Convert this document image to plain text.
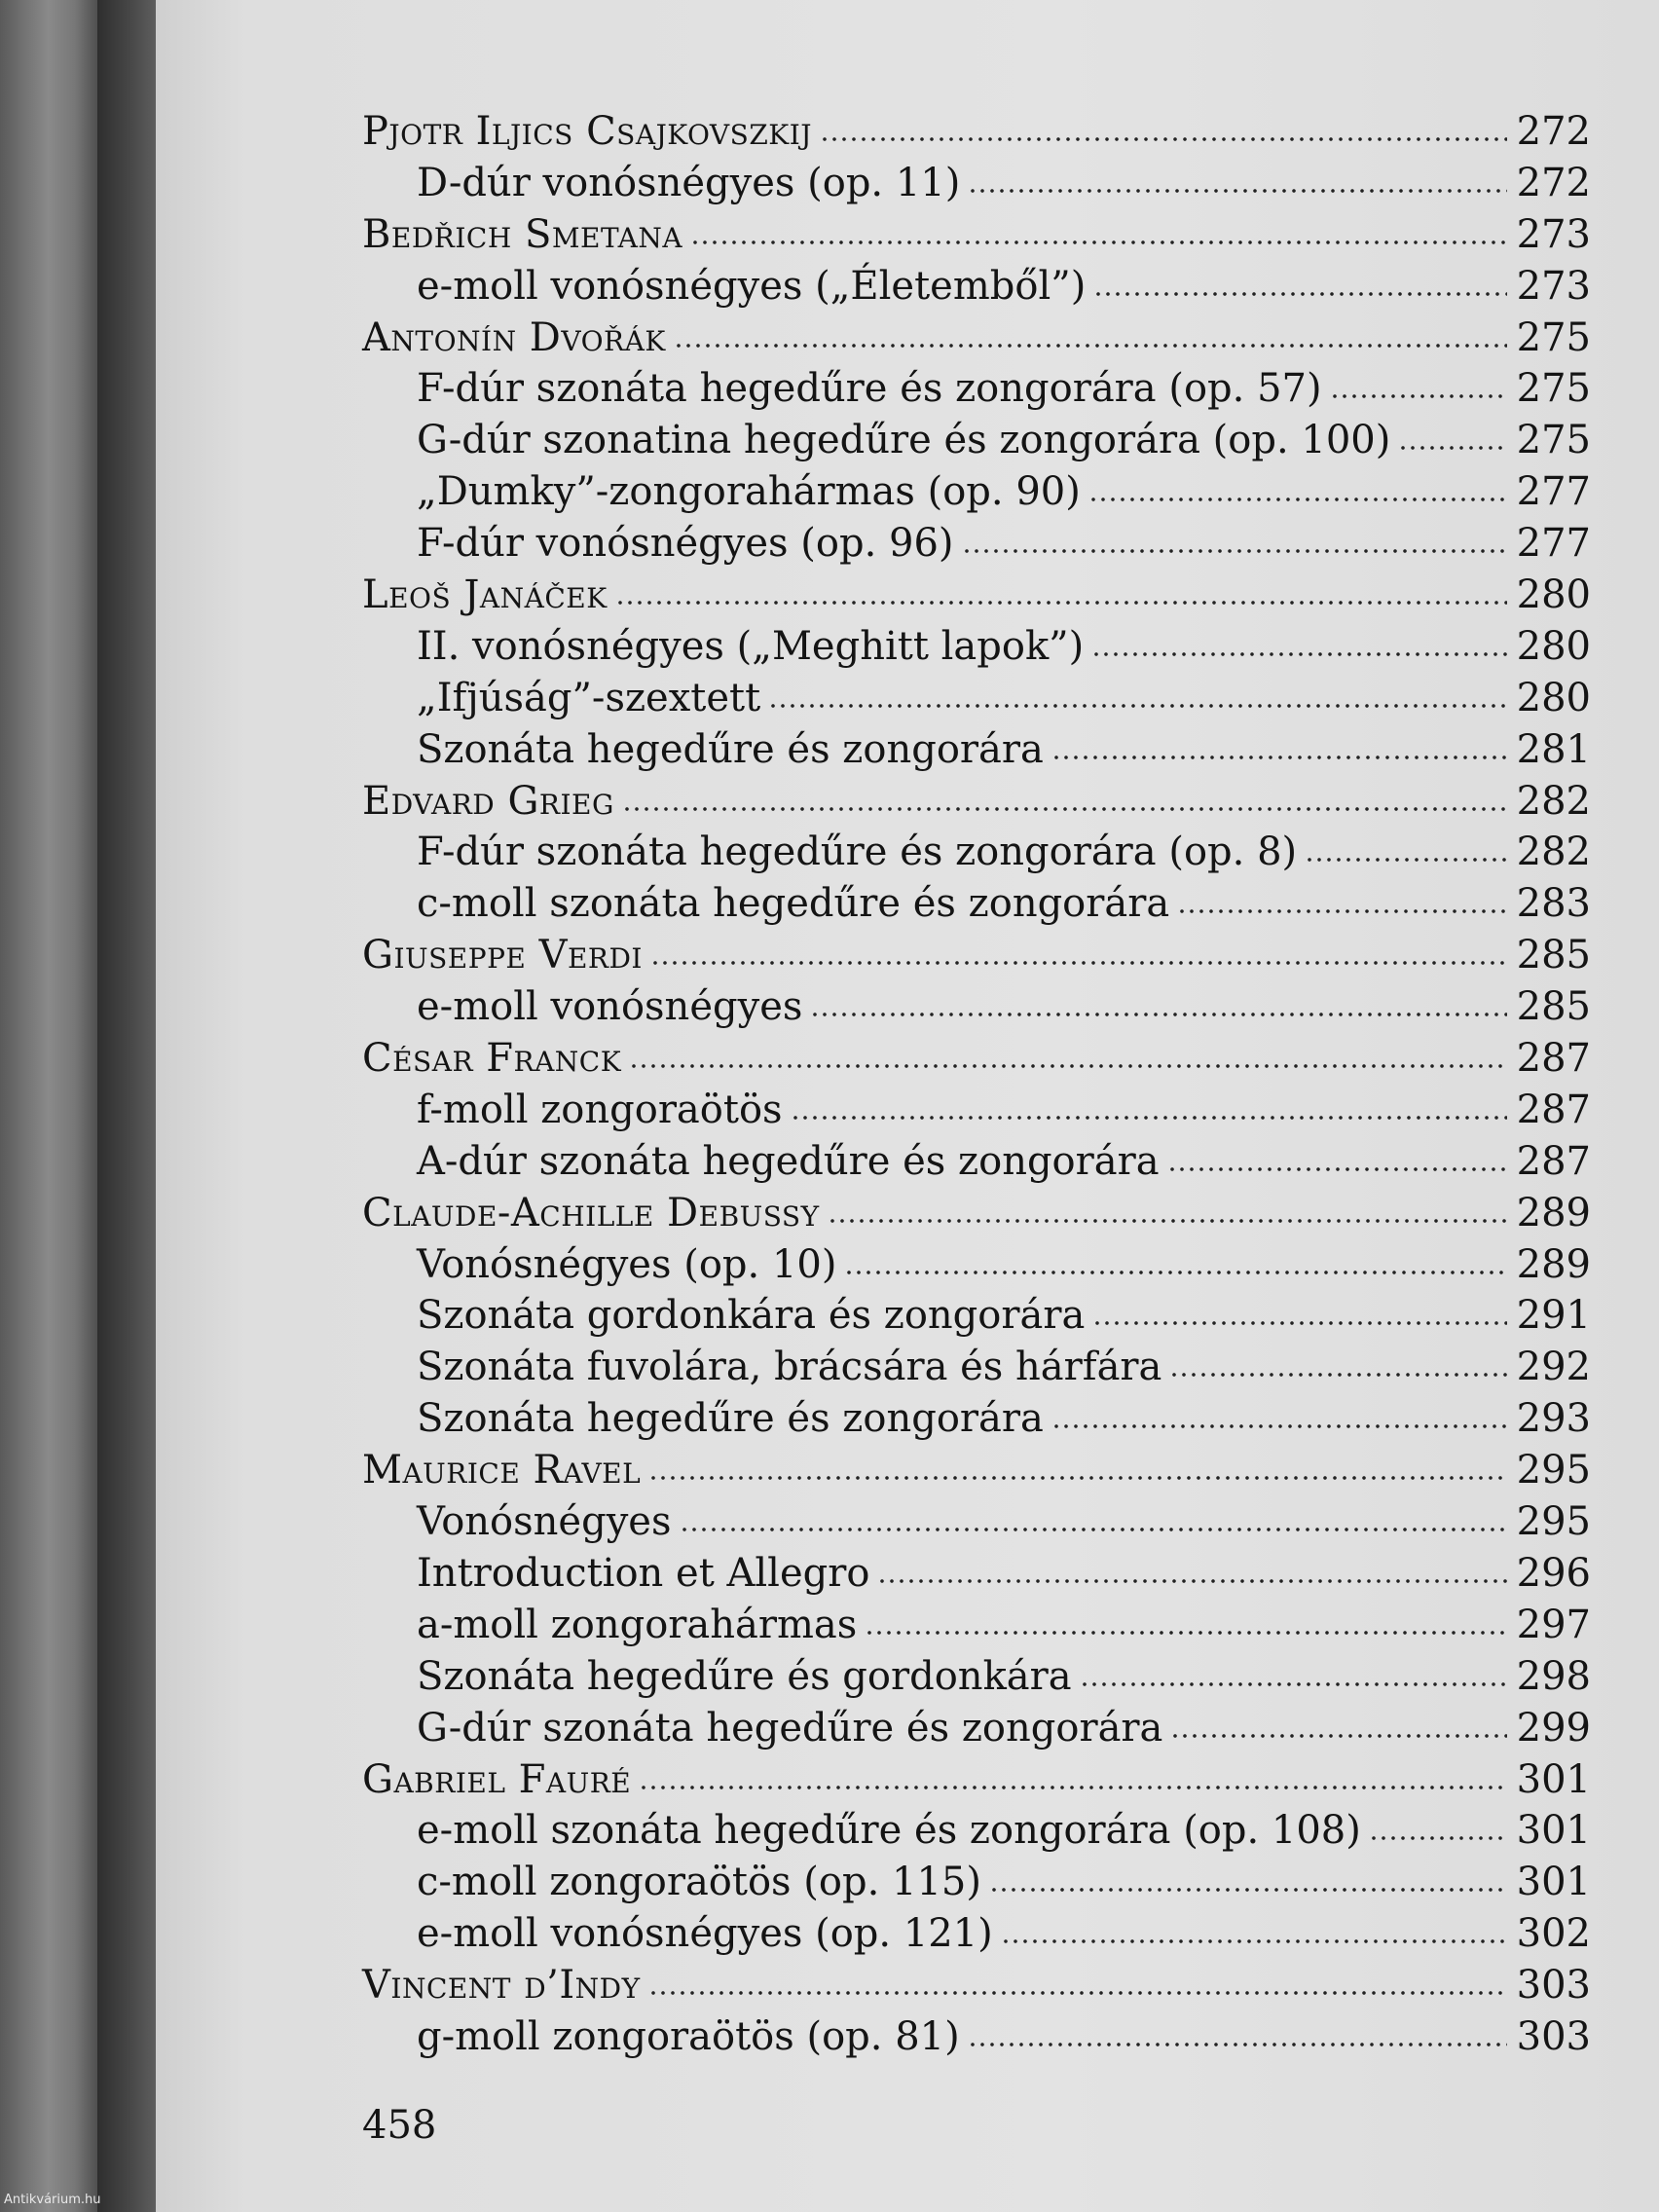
Pjotr Iljics Csajkovszkij	272
D-dúr vonósnégyes (op. 11)	272
Bedřich Smetana	273
e-moll vonósnégyes („Életemből”)	273
Antonín Dvořák	275
F-dúr szonáta hegedűre és zongorára (op. 57)	275
G-dúr szonatina hegedűre és zongorára (op. 100)	275
„Dumky”-zongorahármas (op. 90)	277
F-dúr vonósnégyes (op. 96)	277
Leoš Janáček	280
II. vonósnégyes („Meghitt lapok”)	280
„Ifjúság”-szextett	280
Szonáta hegedűre és zongorára	281
Edvard Grieg	282
F-dúr szonáta hegedűre és zongorára (op. 8)	282
c-moll szonáta hegedűre és zongorára	283
Giuseppe Verdi	285
e-moll vonósnégyes	285
César Franck	287
f-moll zongoraötös	287
A-dúr szonáta hegedűre és zongorára	287
Claude-Achille Debussy	289
Vonósnégyes (op. 10)	289
Szonáta gordonkára és zongorára	291
Szonáta fuvolára, brácsára és hárfára	292
Szonáta hegedűre és zongorára	293
Maurice Ravel	295
Vonósnégyes	295
Introduction et Allegro	296
a-moll zongorahármas	297
Szonáta hegedűre és gordonkára	298
G-dúr szonáta hegedűre és zongorára	299
Gabriel Fauré	301
e-moll szonáta hegedűre és zongorára (op. 108)	301
c-moll zongoraötös (op. 115)	301
e-moll vonósnégyes (op. 121)	302
Vincent d’Indy	303
g-moll zongoraötös (op. 81)	303
458
Antikvárium.hu
